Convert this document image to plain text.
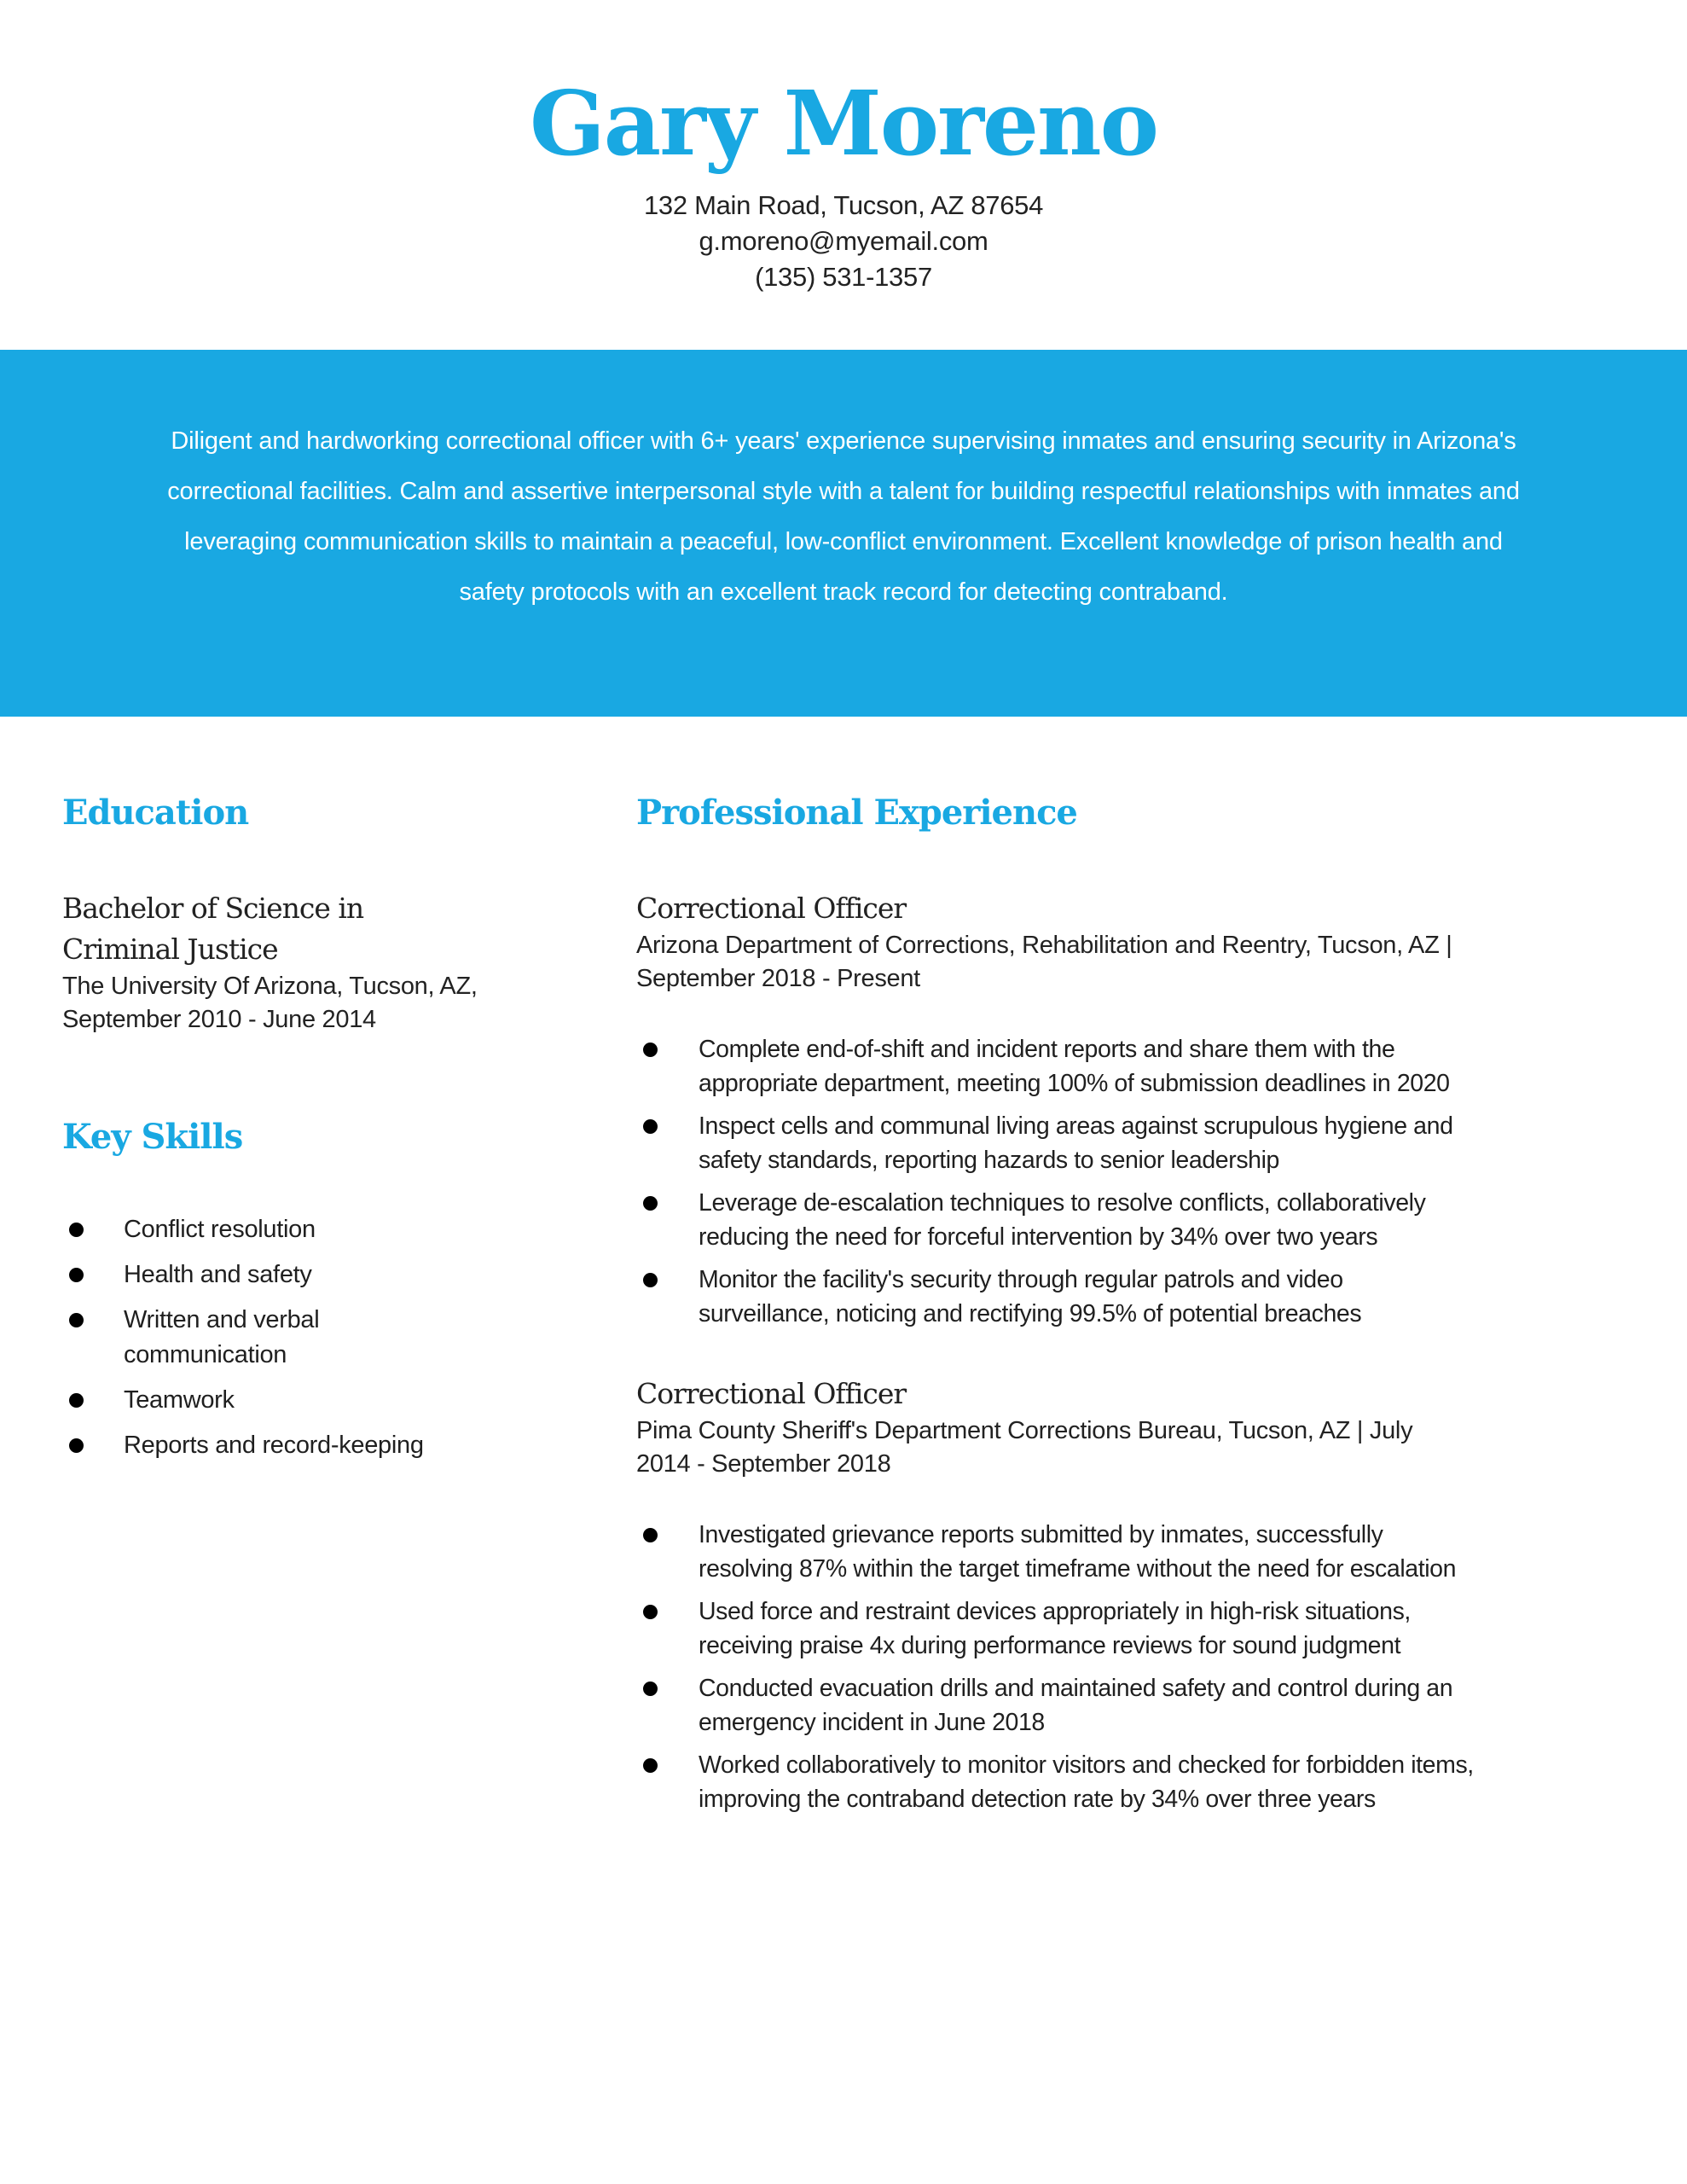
Gary Moreno
132 Main Road, Tucson, AZ 87654
g.moreno@myemail.com
(135) 531-1357
Diligent and hardworking correctional officer with 6+ years' experience supervising inmates and ensuring security in Arizona's correctional facilities. Calm and assertive interpersonal style with a talent for building respectful relationships with inmates and leveraging communication skills to maintain a peaceful, low-conflict environment. Excellent knowledge of prison health and safety protocols with an excellent track record for detecting contraband.
Education
Bachelor of Science in Criminal Justice
The University Of Arizona, Tucson, AZ, September 2010 - June 2014
Key Skills
Conflict resolution
Health and safety
Written and verbal communication
Teamwork
Reports and record-keeping
Professional Experience
Correctional Officer
Arizona Department of Corrections, Rehabilitation and Reentry, Tucson, AZ | September 2018 - Present
Complete end-of-shift and incident reports and share them with the appropriate department, meeting 100% of submission deadlines in 2020
Inspect cells and communal living areas against scrupulous hygiene and safety standards, reporting hazards to senior leadership
Leverage de-escalation techniques to resolve conflicts, collaboratively reducing the need for forceful intervention by 34% over two years
Monitor the facility's security through regular patrols and video surveillance, noticing and rectifying 99.5% of potential breaches
Correctional Officer
Pima County Sheriff's Department Corrections Bureau, Tucson, AZ | July 2014 - September 2018
Investigated grievance reports submitted by inmates, successfully resolving 87% within the target timeframe without the need for escalation
Used force and restraint devices appropriately in high-risk situations, receiving praise 4x during performance reviews for sound judgment
Conducted evacuation drills and maintained safety and control during an emergency incident in June 2018
Worked collaboratively to monitor visitors and checked for forbidden items, improving the contraband detection rate by 34% over three years
